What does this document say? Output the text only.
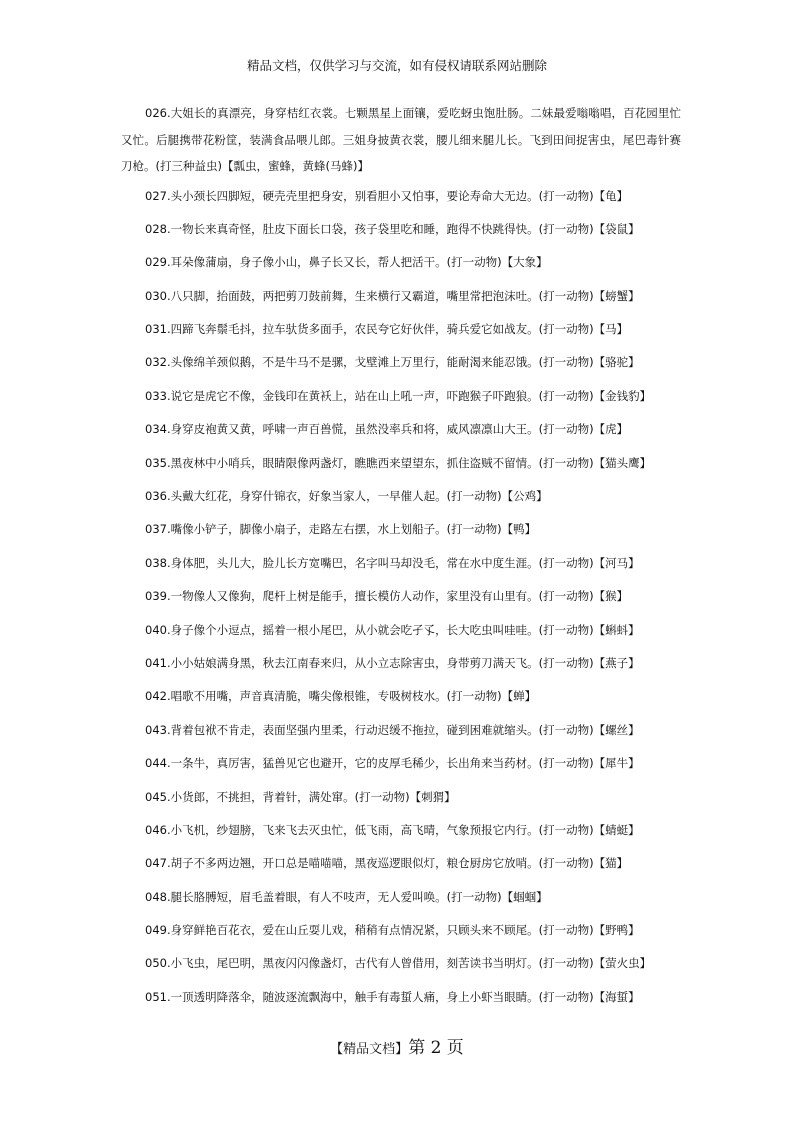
精品文档，仅供学习与交流，如有侵权请联系网站删除

026.大姐长的真漂亮，身穿桔红衣裳。七颗黑星上面镶，爱吃蚜虫饱肚肠。二妹最爱嗡嗡唱，百花园里忙又忙。后腿携带花粉筐，装满食品喂儿郎。三姐身披黄衣裳，腰儿细来腿儿长。飞到田间捉害虫，尾巴毒针赛刀枪。(打三种益虫)【瓢虫，蜜蜂，黄蜂(马蜂)】

027.头小颈长四脚短，硬壳壳里把身安，别看胆小又怕事，要论寿命大无边。(打一动物)【龟】
028.一物长来真奇怪，肚皮下面长口袋，孩子袋里吃和睡，跑得不快跳得快。(打一动物)【袋鼠】
029.耳朵像蒲扇，身子像小山，鼻子长又长，帮人把活干。(打一动物)【大象】
030.八只脚，抬面鼓，两把剪刀鼓前舞，生来横行又霸道，嘴里常把泡沫吐。(打一动物)【螃蟹】
031.四蹄飞奔鬃毛抖，拉车驮货多面手，农民夸它好伙伴，骑兵爱它如战友。(打一动物)【马】
032.头像绵羊颈似鹅，不是牛马不是骡，戈壁滩上万里行，能耐渴来能忍饿。(打一动物)【骆驼】
033.说它是虎它不像，金钱印在黄袄上，站在山上吼一声，吓跑猴子吓跑狼。(打一动物)【金钱豹】
034.身穿皮袍黄又黄，呼啸一声百兽慌，虽然没率兵和将，威风凛凛山大王。(打一动物)【虎】
035.黑夜林中小哨兵，眼睛限像两盏灯，瞧瞧西来望望东，抓住盗贼不留情。(打一动物)【猫头鹰】
036.头戴大红花，身穿什锦衣，好象当家人，一早催人起。(打一动物)【公鸡】
037.嘴像小铲子，脚像小扇子，走路左右摆，水上划船子。(打一动物)【鸭】
038.身体肥，头儿大，脸儿长方宽嘴巴，名字叫马却没毛，常在水中度生涯。(打一动物)【河马】
039.一物像人又像狗，爬杆上树是能手，擅长模仿人动作，家里没有山里有。(打一动物)【猴】
040.身子像个小逗点，摇着一根小尾巴，从小就会吃孑孓，长大吃虫叫哇哇。(打一动物)【蝌蚪】
041.小小姑娘满身黑，秋去江南春来归，从小立志除害虫，身带剪刀满天飞。(打一动物)【燕子】
042.唱歌不用嘴，声音真清脆，嘴尖像根锥，专吸树枝水。(打一动物)【蝉】
043.背着包袱不肯走，表面坚强内里柔，行动迟缓不拖拉，碰到困难就缩头。(打一动物)【螺丝】
044.一条牛，真厉害，猛兽见它也避开，它的皮厚毛稀少，长出角来当药材。(打一动物)【犀牛】
045.小货郎，不挑担，背着针，满处窜。(打一动物)【刺猬】
046.小飞机，纱翅膀，飞来飞去灭虫忙，低飞雨，高飞晴，气象预报它内行。(打一动物)【蜻蜓】
047.胡子不多两边翘，开口总是喵喵喵，黑夜巡逻眼似灯，粮仓厨房它放哨。(打一动物)【猫】
048.腿长胳膊短，眉毛盖着眼，有人不吱声，无人爱叫唤。(打一动物)【蝈蝈】
049.身穿鲜艳百花衣，爱在山丘耍儿戏，稍稍有点情况紧，只顾头来不顾尾。(打一动物)【野鸭】
050.小飞虫，尾巴明，黑夜闪闪像盏灯，古代有人曾借用，刻苦读书当明灯。(打一动物)【萤火虫】
051.一顶透明降落伞，随波逐流飘海中，触手有毒蜇人痛，身上小虾当眼睛。(打一动物)【海蜇】
【精品文档】第 2 页
